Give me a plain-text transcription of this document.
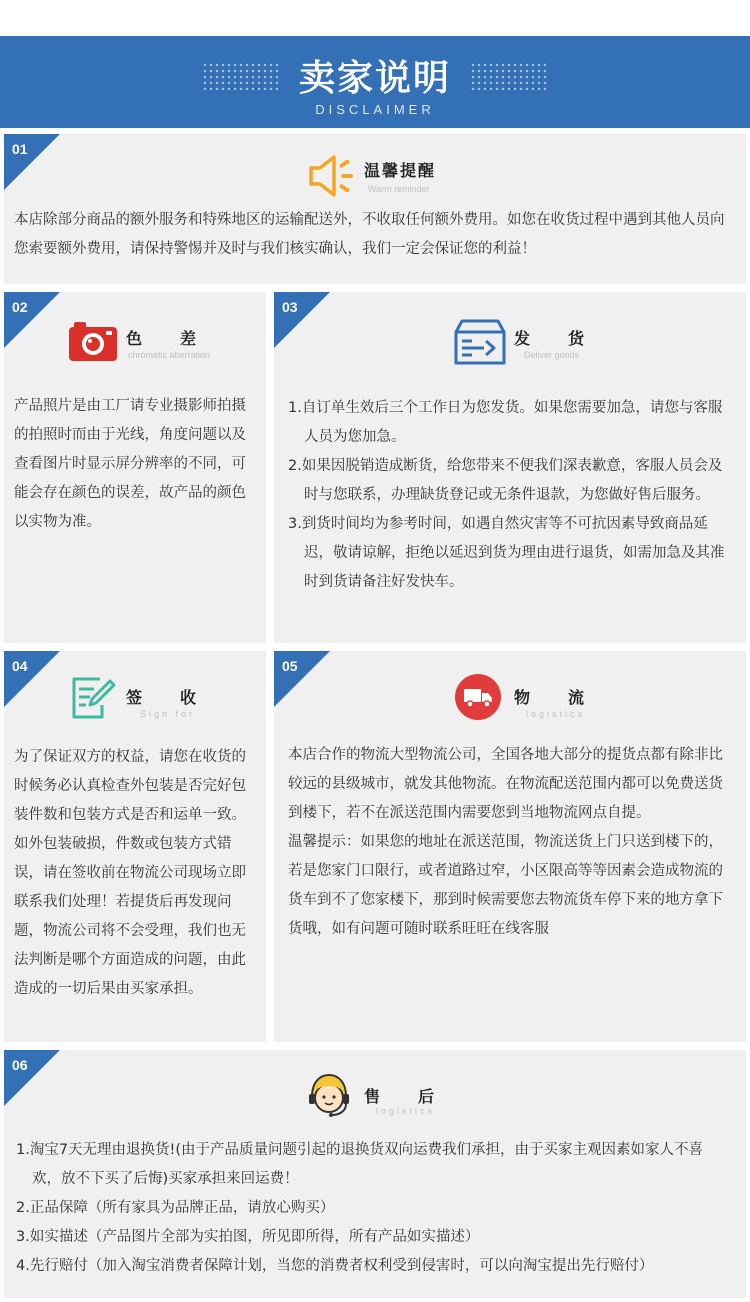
卖家说明
DISCLAIMER
01
温馨提醒
Warm reminder
本店除部分商品的额外服务和特殊地区的运输配送外，不收取任何额外费用。如您在收货过程中遇到其他人员向您索要额外费用，请保持警惕并及时与我们核实确认，我们一定会保证您的利益！
02
色差
chromatic aberration
产品照片是由工厂请专业摄影师拍摄的拍照时而由于光线，角度问题以及查看图片时显示屏分辨率的不同，可能会存在颜色的误差，故产品的颜色以实物为准。
03
发货
Deliver goods

1.自订单生效后三个工作日为您发货。如果您需要加急，请您与客服人员为您加急。

2.如果因脱销造成断货，给您带来不便我们深表歉意，客服人员会及时与您联系，办理缺货登记或无条件退款，为您做好售后服务。

3.到货时间均为参考时间，如遇自然灾害等不可抗因素导致商品延迟，敬请谅解，拒绝以延迟到货为理由进行退货，如需加急及其准时到货请备注好发快车。

04
签收
Sign for
为了保证双方的权益，请您在收货的时候务必认真检查外包装是否完好包装件数和包装方式是否和运单一致。如外包装破损，件数或包装方式错误，请在签收前在物流公司现场立即联系我们处理！若提货后再发现问题，物流公司将不会受理，我们也无法判断是哪个方面造成的问题，由此造成的一切后果由买家承担。
05
物流
logistics

本店合作的物流大型物流公司，全国各地大部分的提货点都有除非比较远的县级城市，就发其他物流。在物流配送范围内都可以免费送货到楼下，若不在派送范围内需要您到当地物流网点自提。

温馨提示：如果您的地址在派送范围，物流送货上门只送到楼下的，若是您家门口限行，或者道路过窄，小区限高等等因素会造成物流的货车到不了您家楼下，那到时候需要您去物流货车停下来的地方拿下货哦，如有问题可随时联系旺旺在线客服

06
售后
logistics

1.淘宝7天无理由退换货!(由于产品质量问题引起的退换货双向运费我们承担，由于买家主观因素如家人不喜欢，放不下买了后悔)买家承担来回运费！

2.正品保障（所有家具为品牌正品，请放心购买）

3.如实描述（产品图片全部为实拍图，所见即所得，所有产品如实描述）

4.先行赔付（加入淘宝消费者保障计划，当您的消费者权利受到侵害时，可以向淘宝提出先行赔付）
